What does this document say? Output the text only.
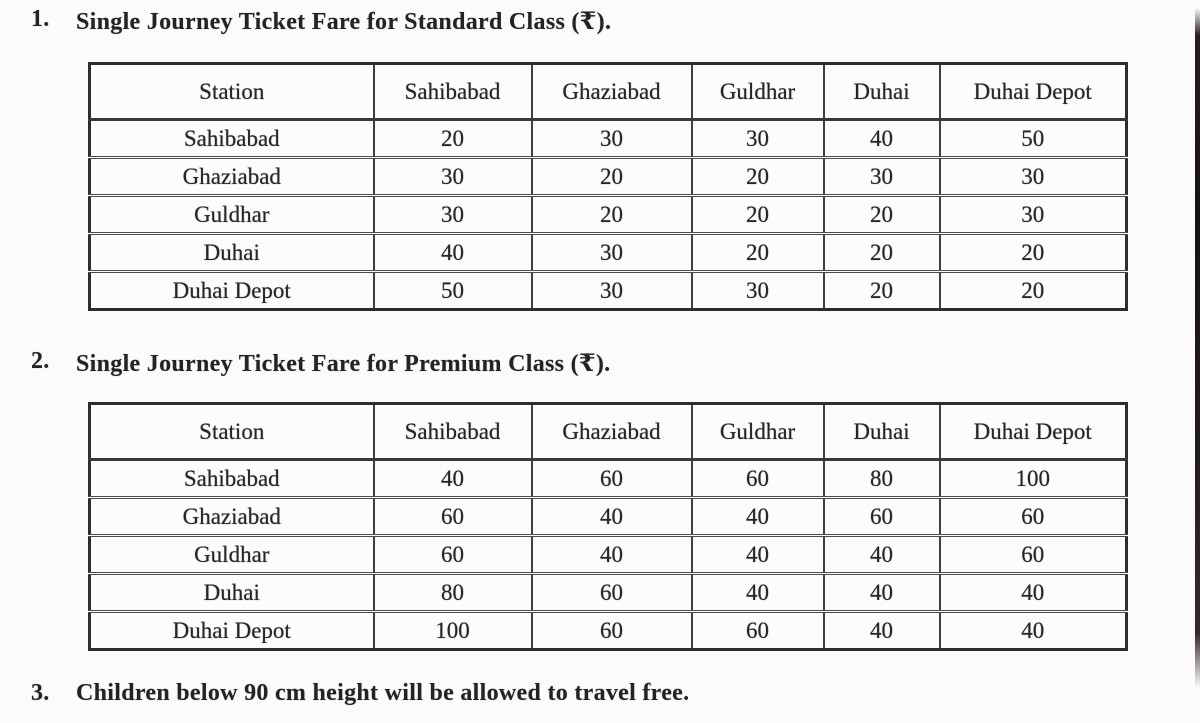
1.	Single Journey Ticket Fare for Standard Class (₹).
Station	Sahibabad	Ghaziabad	Guldhar	Duhai	Duhai Depot
Sahibabad	20	30	30	40	50
Ghaziabad	30	20	20	30	30
Guldhar	30	20	20	20	30
Duhai	40	30	20	20	20
Duhai Depot	50	30	30	20	20
2.	Single Journey Ticket Fare for Premium Class (₹).
Station	Sahibabad	Ghaziabad	Guldhar	Duhai	Duhai Depot
Sahibabad	40	60	60	80	100
Ghaziabad	60	40	40	60	60
Guldhar	60	40	40	40	60
Duhai	80	60	40	40	40
Duhai Depot	100	60	60	40	40
3.	Children below 90 cm height will be allowed to travel free.
